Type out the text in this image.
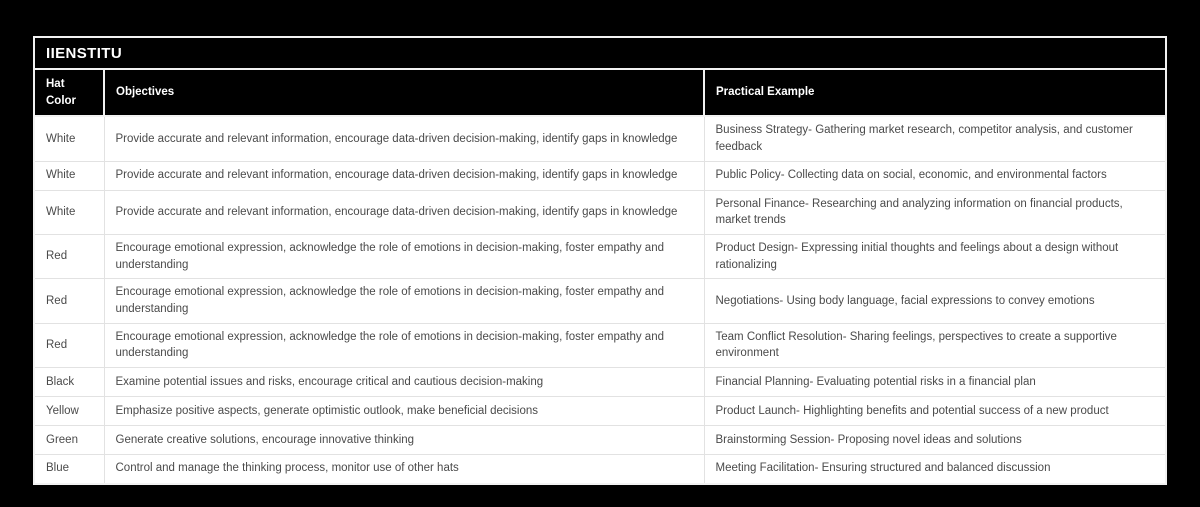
IIENSTITU		
Hat Color	Objectives	Practical Example
White	Provide accurate and relevant information, encourage data-driven decision-making, identify gaps in knowledge	Business Strategy- Gathering market research, competitor analysis, and customer feedback
White	Provide accurate and relevant information, encourage data-driven decision-making, identify gaps in knowledge	Public Policy- Collecting data on social, economic, and environmental factors
White	Provide accurate and relevant information, encourage data-driven decision-making, identify gaps in knowledge	Personal Finance- Researching and analyzing information on financial products, market trends
Red	Encourage emotional expression, acknowledge the role of emotions in decision-making, foster empathy and understanding	Product Design- Expressing initial thoughts and feelings about a design without rationalizing
Red	Encourage emotional expression, acknowledge the role of emotions in decision-making, foster empathy and understanding	Negotiations- Using body language, facial expressions to convey emotions
Red	Encourage emotional expression, acknowledge the role of emotions in decision-making, foster empathy and understanding	Team Conflict Resolution- Sharing feelings, perspectives to create a supportive environment
Black	Examine potential issues and risks, encourage critical and cautious decision-making	Financial Planning- Evaluating potential risks in a financial plan
Yellow	Emphasize positive aspects, generate optimistic outlook, make beneficial decisions	Product Launch- Highlighting benefits and potential success of a new product
Green	Generate creative solutions, encourage innovative thinking	Brainstorming Session- Proposing novel ideas and solutions
Blue	Control and manage the thinking process, monitor use of other hats	Meeting Facilitation- Ensuring structured and balanced discussion
